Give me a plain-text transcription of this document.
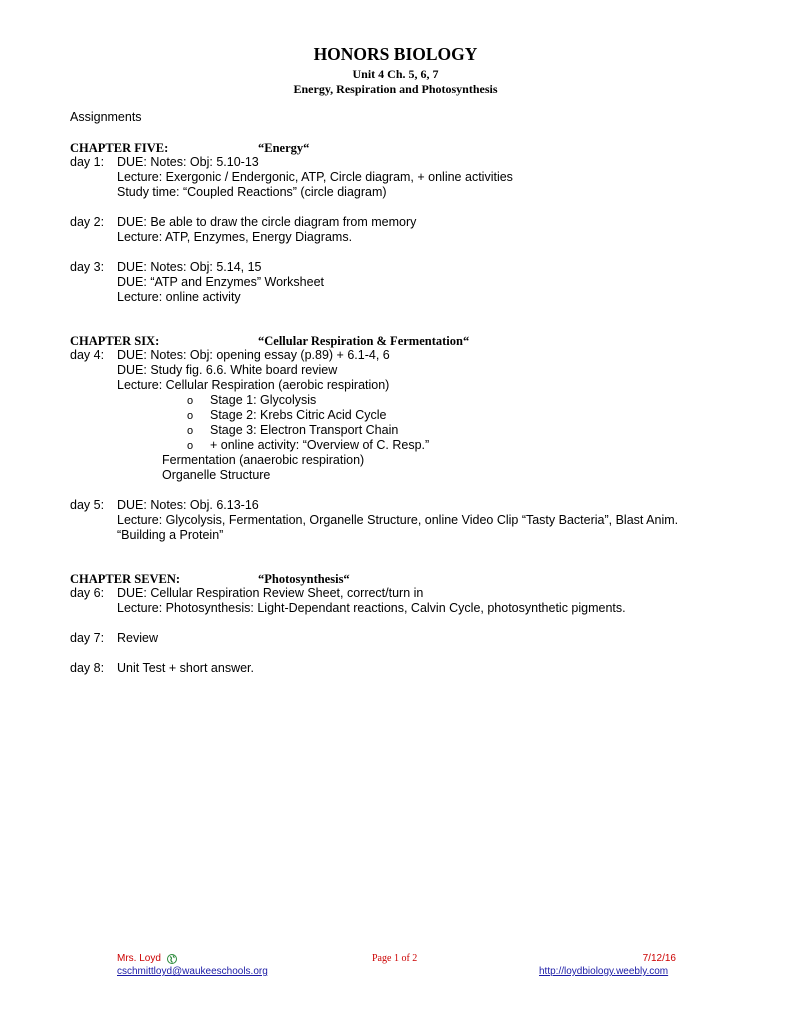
HONORS BIOLOGY
Unit 4 Ch. 5, 6, 7
Energy, Respiration and Photosynthesis
Assignments
CHAPTER FIVE:	“Energy“
day 1: DUE: Notes: Obj: 5.10-13
Lecture: Exergonic / Endergonic, ATP, Circle diagram, + online activities
Study time: “Coupled Reactions” (circle diagram)
day 2: DUE: Be able to draw the circle diagram from memory
Lecture: ATP, Enzymes, Energy Diagrams.
day 3: DUE: Notes: Obj: 5.14, 15
DUE: “ATP and Enzymes” Worksheet
Lecture: online activity
CHAPTER SIX:	“Cellular Respiration & Fermentation“
day 4: DUE: Notes: Obj: opening essay (p.89) + 6.1-4, 6
DUE: Study fig. 6.6. White board review
Lecture: Cellular Respiration (aerobic respiration)
o Stage 1: Glycolysis
o Stage 2: Krebs Citric Acid Cycle
o Stage 3: Electron Transport Chain
o + online activity: “Overview of C. Resp.”
Fermentation (anaerobic respiration)
Organelle Structure
day 5: DUE: Notes: Obj. 6.13-16
Lecture: Glycolysis, Fermentation, Organelle Structure, online Video Clip “Tasty Bacteria”, Blast Anim.
“Building a Protein”
CHAPTER SEVEN:	“Photosynthesis“
day 6: DUE: Cellular Respiration Review Sheet, correct/turn in
Lecture: Photosynthesis: Light-Dependant reactions, Calvin Cycle, photosynthetic pigments.
day 7: Review
day 8: Unit Test + short answer.
Mrs. Loyd
cschmittloyd@waukeeschools.org
Page 1 of 2	7/12/16
http://loydbiology.weebly.com
